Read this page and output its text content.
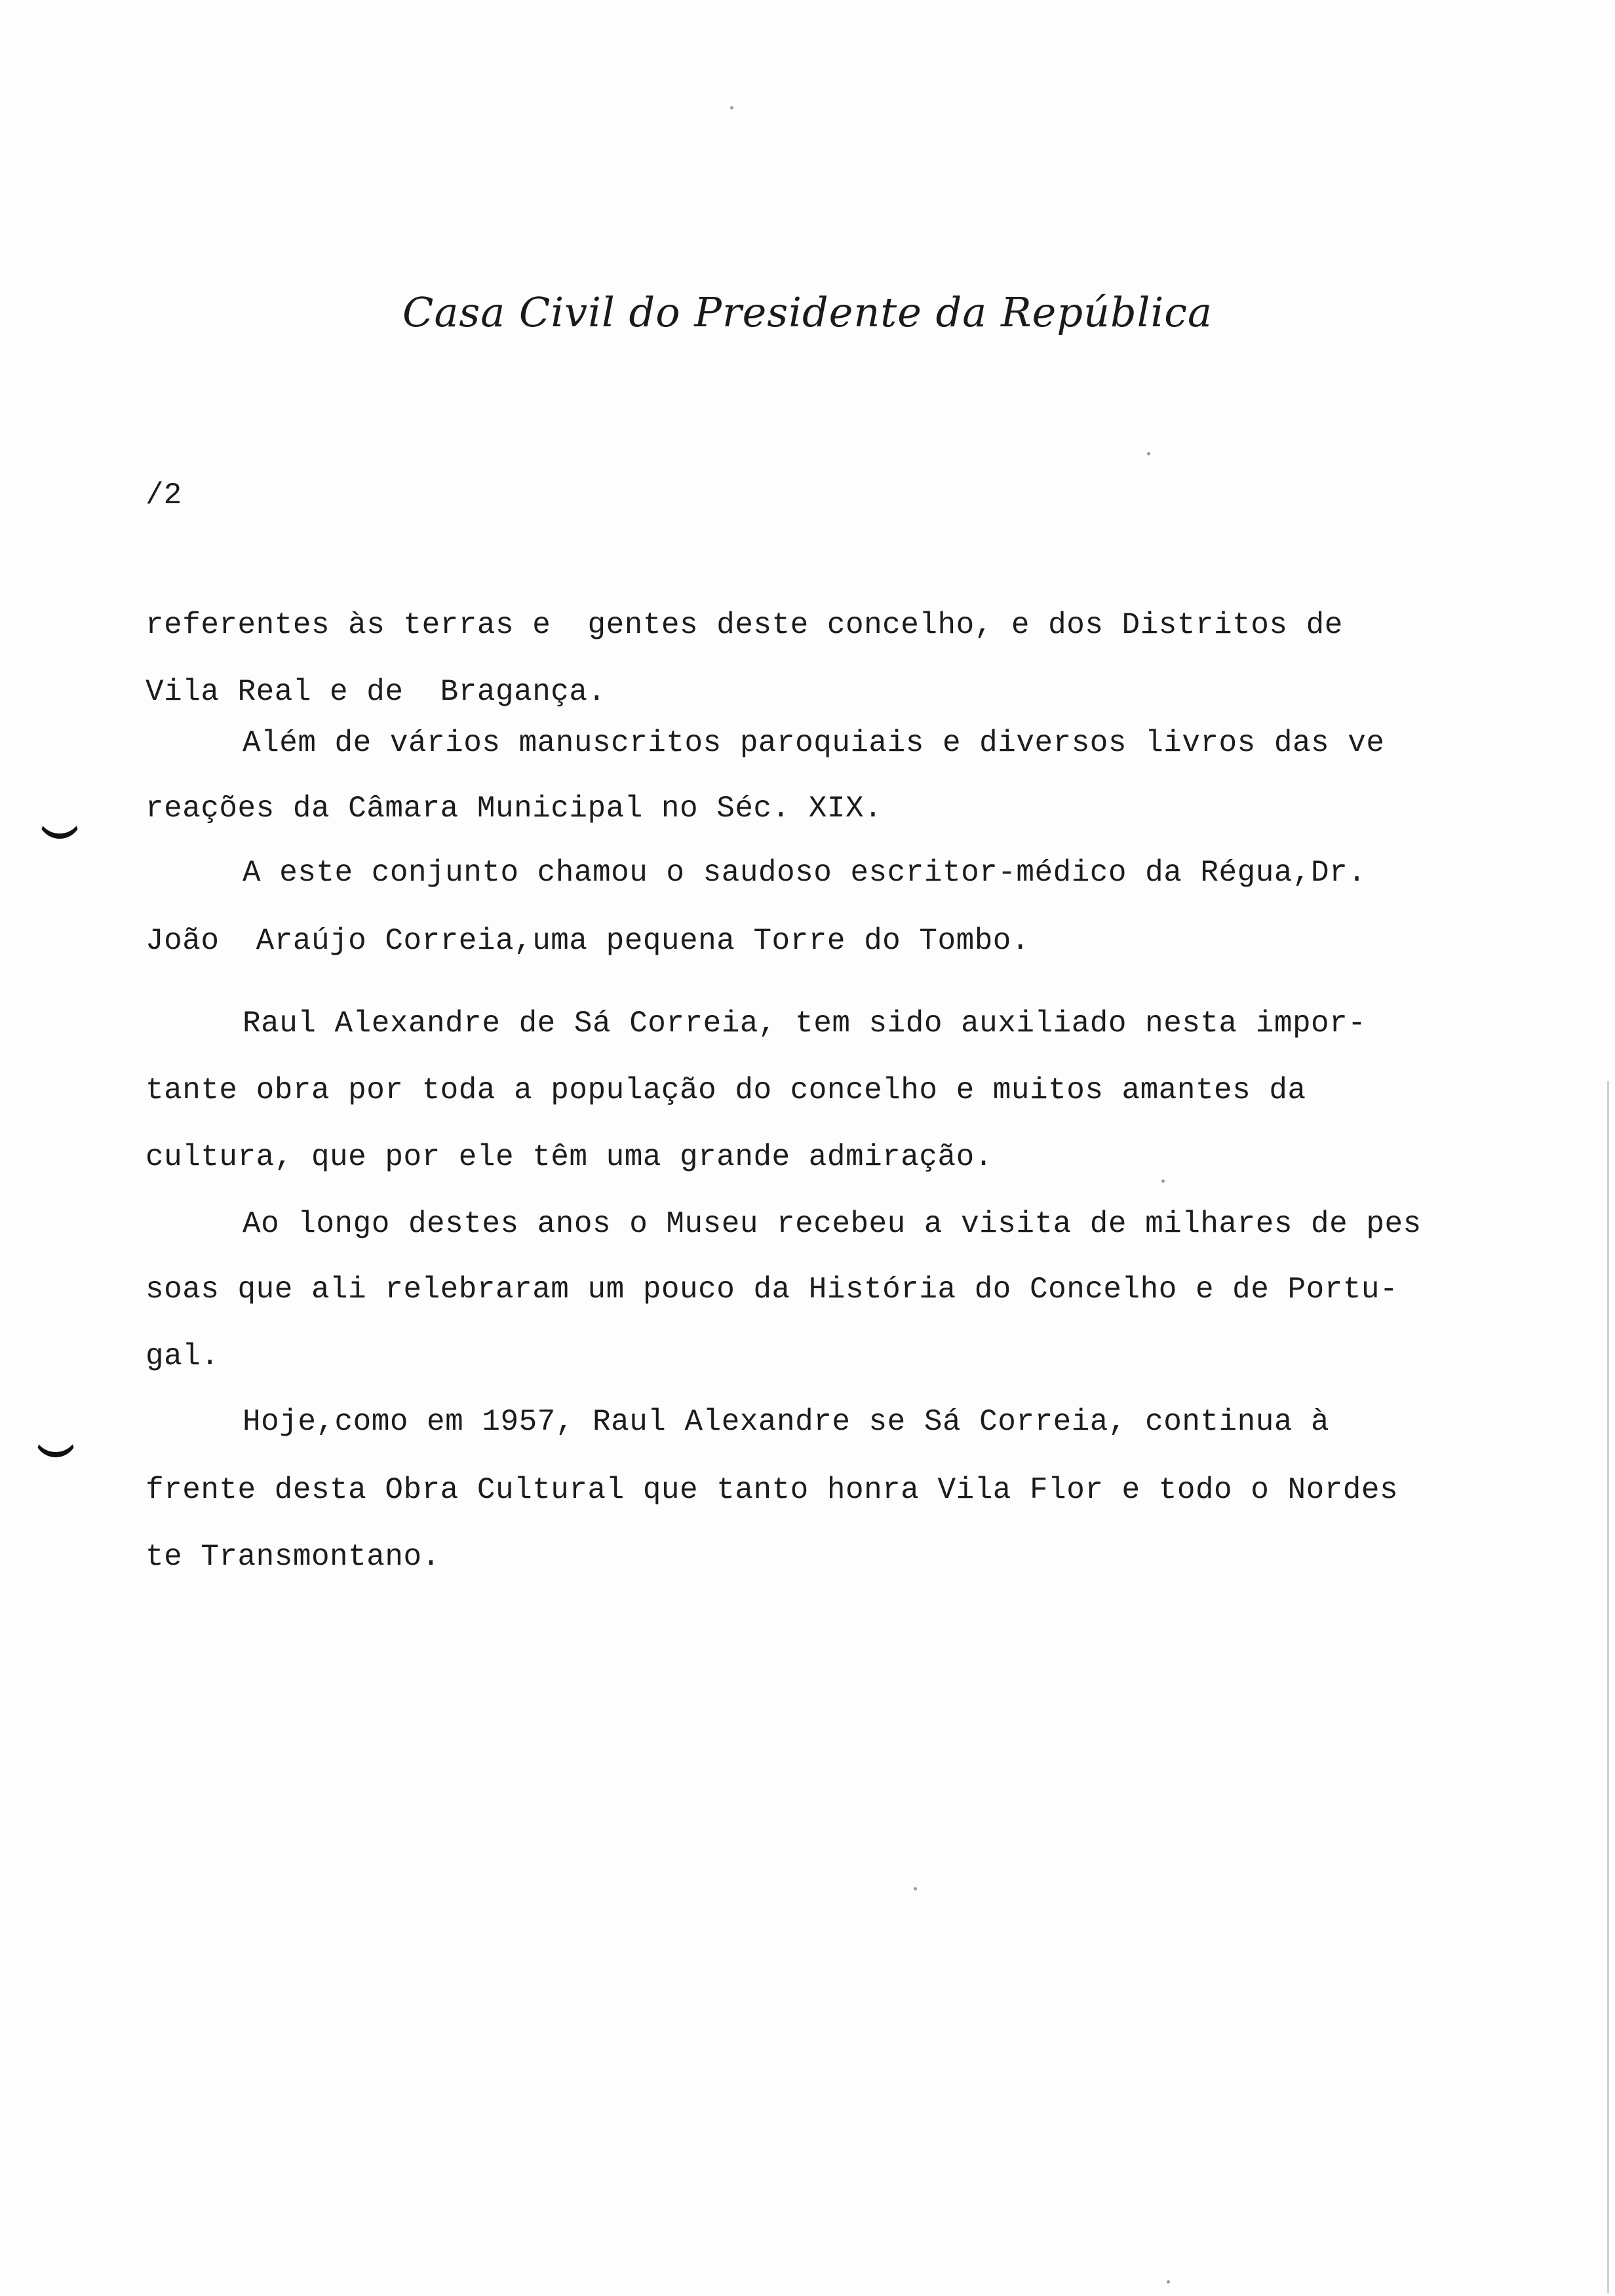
Casa Civil do Presidente da República
/2
referentes às terras e  gentes deste concelho, e dos Distritos de
Vila Real e de  Bragança.
Além de vários manuscritos paroquiais e diversos livros das ve
reações da Câmara Municipal no Séc. XIX.
A este conjunto chamou o saudoso escritor-médico da Régua,Dr.
João  Araújo Correia,uma pequena Torre do Tombo.
Raul Alexandre de Sá Correia, tem sido auxiliado nesta impor-
tante obra por toda a população do concelho e muitos amantes da
cultura, que por ele têm uma grande admiração.
Ao longo destes anos o Museu recebeu a visita de milhares de pes
soas que ali relebraram um pouco da História do Concelho e de Portu-
gal.
Hoje,como em 1957, Raul Alexandre se Sá Correia, continua à
frente desta Obra Cultural que tanto honra Vila Flor e todo o Nordes
te Transmontano.
